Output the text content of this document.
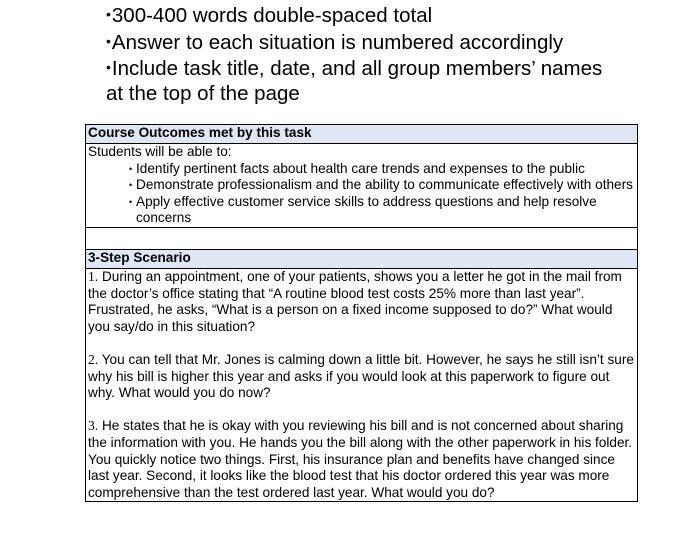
•300-400 words double-spaced total
•Answer to each situation is numbered accordingly
•Include task title, date, and all group members’ names
at the top of the page
Course Outcomes met by this task

Students will be able to:
• Identify pertinent facts about health care trends and expenses to the public
• Demonstrate professionalism and the ability to communicate effectively with others
• Apply effective customer service skills to address questions and help resolve concerns

3-Step Scenario

1. During an appointment, one of your patients, shows you a letter he got in the mail from the doctor’s office stating that “A routine blood test costs 25% more than last year”. Frustrated, he asks, “What is a person on a fixed income supposed to do?” What would you say/do in this situation?

2. You can tell that Mr. Jones is calming down a little bit. However, he says he still isn’t sure why his bill is higher this year and asks if you would look at this paperwork to figure out why. What would you do now?

3. He states that he is okay with you reviewing his bill and is not concerned about sharing the information with you. He hands you the bill along with the other paperwork in his folder. You quickly notice two things. First, his insurance plan and benefits have changed since last year. Second, it looks like the blood test that his doctor ordered this year was more comprehensive than the test ordered last year. What would you do?
